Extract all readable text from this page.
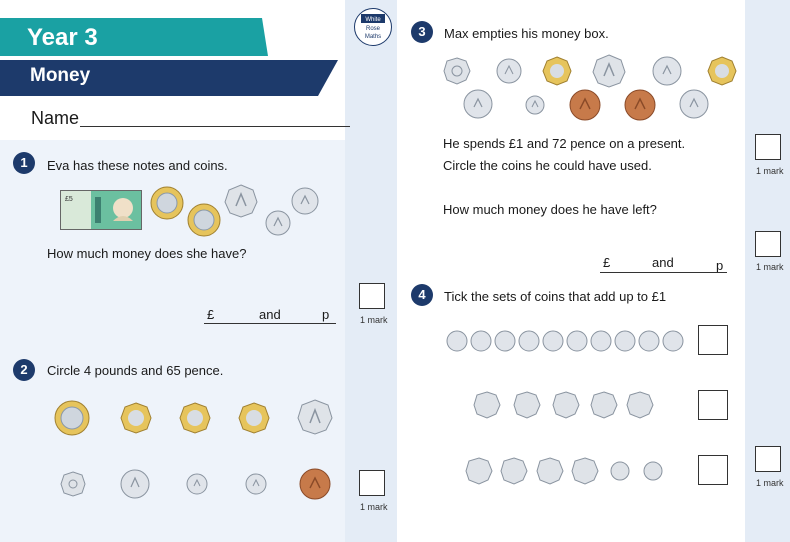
Year 3
Money
Name
White
Rose
Maths
1	Eva has these notes and coins.
£5
How much money does she have?
£	and	p	1 mark
2	Circle 4 pounds and 65 pence.
1 mark
3	Max empties his money box.
He spends £1 and 72 pence on a present.
Circle the coins he could have used.
How much money does he have left?
£	and	p
1 mark
1 mark
4	Tick the sets of coins that add up to £1
1 mark
